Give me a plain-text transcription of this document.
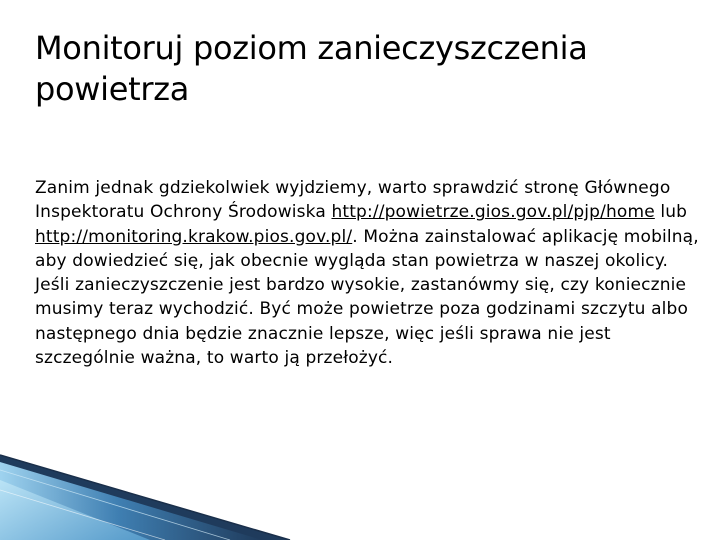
Monitoruj poziom zanieczyszczenia
powietrza

Zanim jednak gdziekolwiek wyjdziemy, warto sprawdzić stronę Głównego Inspektoratu Ochrony Środowiska http://powietrze.gios.gov.pl/pjp/home lub http://monitoring.krakow.pios.gov.pl/. Można zainstalować aplikację mobilną, aby dowiedzieć się, jak obecnie wygląda stan powietrza w naszej okolicy. Jeśli zanieczyszczenie jest bardzo wysokie, zastanówmy się, czy koniecznie musimy teraz wychodzić. Być może powietrze poza godzinami szczytu albo następnego dnia będzie znacznie lepsze, więc jeśli sprawa nie jest szczególnie ważna, to warto ją przełożyć.
